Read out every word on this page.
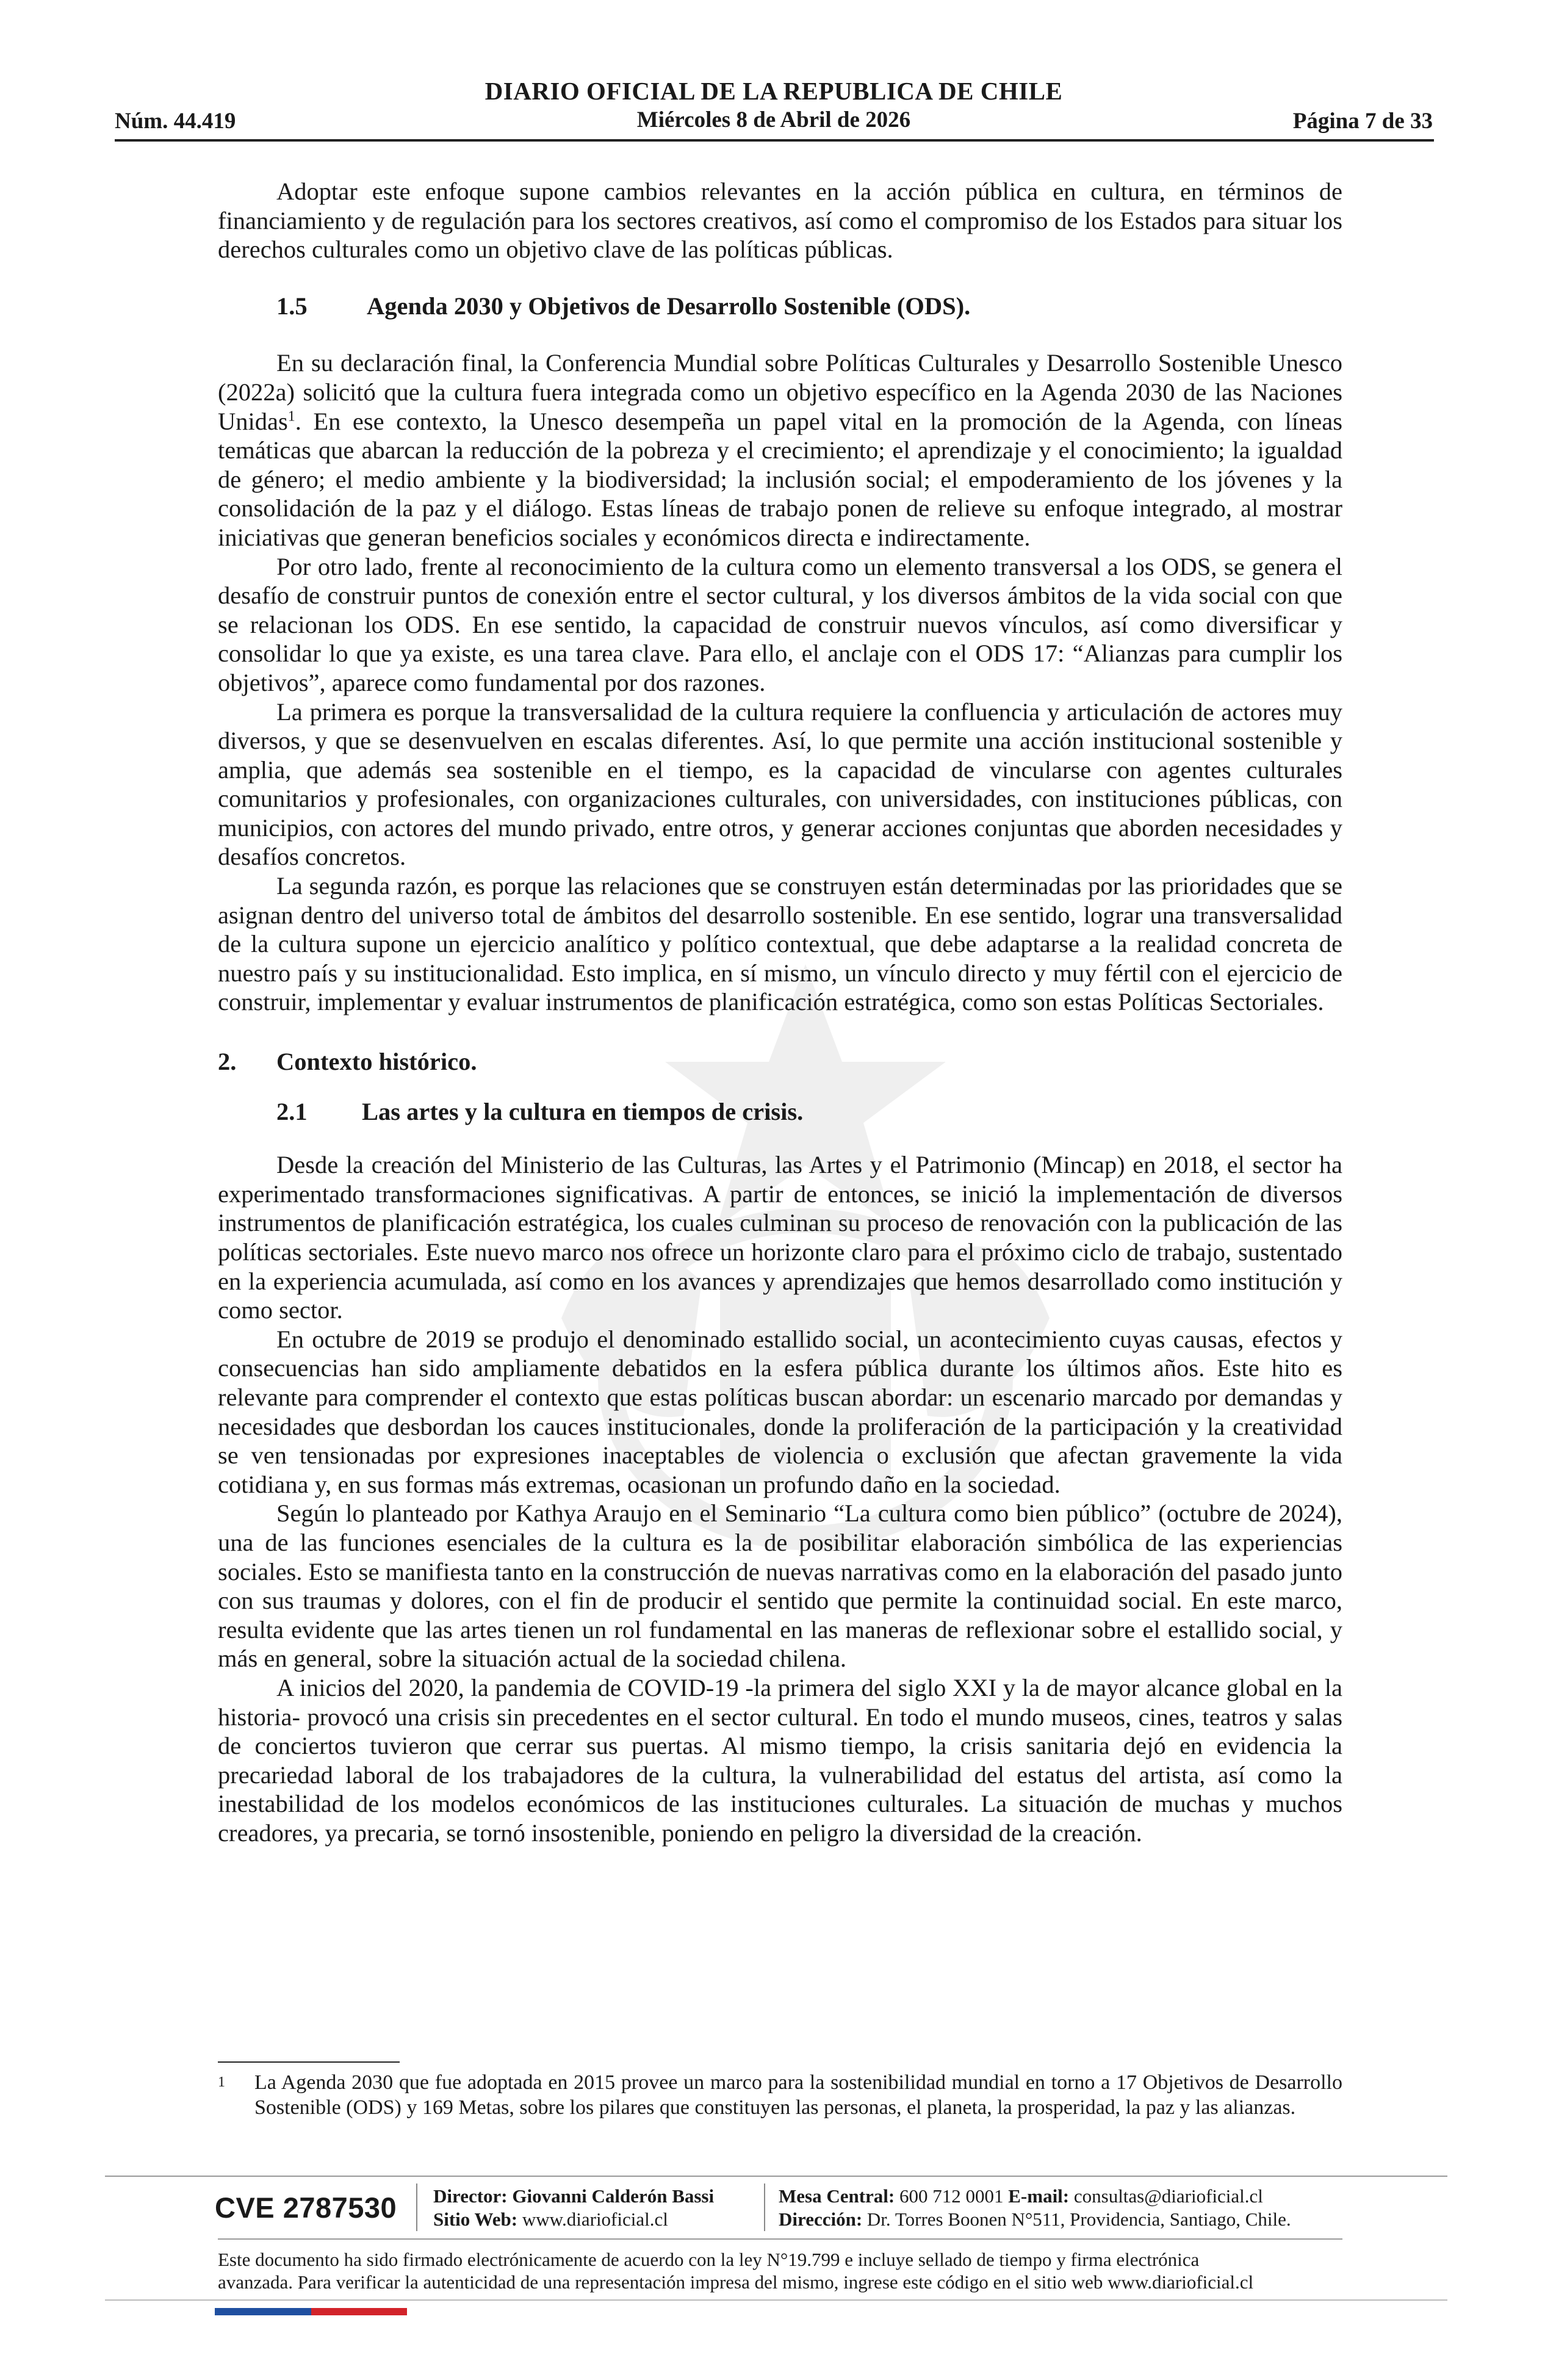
DIARIO OFICIAL DE LA REPUBLICA DE CHILE
Núm. 44.419	Miércoles 8 de Abril de 2026	Página 7 de 33

Adoptar este enfoque supone cambios relevantes en la acción pública en cultura, en términos de financiamiento y de regulación para los sectores creativos, así como el compromiso de los Estados para situar los derechos culturales como un objetivo clave de las políticas públicas.

1.5	Agenda 2030 y Objetivos de Desarrollo Sostenible (ODS).

En su declaración final, la Conferencia Mundial sobre Políticas Culturales y Desarrollo Sostenible Unesco (2022a) solicitó que la cultura fuera integrada como un objetivo específico en la Agenda 2030 de las Naciones Unidas$^1$. En ese contexto, la Unesco desempeña un papel vital en la promoción de la Agenda, con líneas temáticas que abarcan la reducción de la pobreza y el crecimiento; el aprendizaje y el conocimiento; la igualdad de género; el medio ambiente y la biodiversidad; la inclusión social; el empoderamiento de los jóvenes y la consolidación de la paz y el diálogo. Estas líneas de trabajo ponen de relieve su enfoque integrado, al mostrar iniciativas que generan beneficios sociales y económicos directa e indirectamente.

Por otro lado, frente al reconocimiento de la cultura como un elemento transversal a los ODS, se genera el desafío de construir puntos de conexión entre el sector cultural, y los diversos ámbitos de la vida social con que se relacionan los ODS. En ese sentido, la capacidad de construir nuevos vínculos, así como diversificar y consolidar lo que ya existe, es una tarea clave. Para ello, el anclaje con el ODS 17: “Alianzas para cumplir los objetivos”, aparece como fundamental por dos razones.

La primera es porque la transversalidad de la cultura requiere la confluencia y articulación de actores muy diversos, y que se desenvuelven en escalas diferentes. Así, lo que permite una acción institucional sostenible y amplia, que además sea sostenible en el tiempo, es la capacidad de vincularse con agentes culturales comunitarios y profesionales, con organizaciones culturales, con universidades, con instituciones públicas, con municipios, con actores del mundo privado, entre otros, y generar acciones conjuntas que aborden necesidades y desafíos concretos.

La segunda razón, es porque las relaciones que se construyen están determinadas por las prioridades que se asignan dentro del universo total de ámbitos del desarrollo sostenible. En ese sentido, lograr una transversalidad de la cultura supone un ejercicio analítico y político contextual, que debe adaptarse a la realidad concreta de nuestro país y su institucionalidad. Esto implica, en sí mismo, un vínculo directo y muy fértil con el ejercicio de construir, implementar y evaluar instrumentos de planificación estratégica, como son estas Políticas Sectoriales.

2.	Contexto histórico.
2.1	Las artes y la cultura en tiempos de crisis.

Desde la creación del Ministerio de las Culturas, las Artes y el Patrimonio (Mincap) en 2018, el sector ha experimentado transformaciones significativas. A partir de entonces, se inició la implementación de diversos instrumentos de planificación estratégica, los cuales culminan su proceso de renovación con la publicación de las políticas sectoriales. Este nuevo marco nos ofrece un horizonte claro para el próximo ciclo de trabajo, sustentado en la experiencia acumulada, así como en los avances y aprendizajes que hemos desarrollado como institución y como sector.

En octubre de 2019 se produjo el denominado estallido social, un acontecimiento cuyas causas, efectos y consecuencias han sido ampliamente debatidos en la esfera pública durante los últimos años. Este hito es relevante para comprender el contexto que estas políticas buscan abordar: un escenario marcado por demandas y necesidades que desbordan los cauces institucionales, donde la proliferación de la participación y la creatividad se ven tensionadas por expresiones inaceptables de violencia o exclusión que afectan gravemente la vida cotidiana y, en sus formas más extremas, ocasionan un profundo daño en la sociedad.

Según lo planteado por Kathya Araujo en el Seminario “La cultura como bien público” (octubre de 2024), una de las funciones esenciales de la cultura es la de posibilitar elaboración simbólica de las experiencias sociales. Esto se manifiesta tanto en la construcción de nuevas narrativas como en la elaboración del pasado junto con sus traumas y dolores, con el fin de producir el sentido que permite la continuidad social. En este marco, resulta evidente que las artes tienen un rol fundamental en las maneras de reflexionar sobre el estallido social, y más en general, sobre la situación actual de la sociedad chilena.

A inicios del 2020, la pandemia de COVID-19 -la primera del siglo XXI y la de mayor alcance global en la historia- provocó una crisis sin precedentes en el sector cultural. En todo el mundo museos, cines, teatros y salas de conciertos tuvieron que cerrar sus puertas. Al mismo tiempo, la crisis sanitaria dejó en evidencia la precariedad laboral de los trabajadores de la cultura, la vulnerabilidad del estatus del artista, así como la inestabilidad de los modelos económicos de las instituciones culturales. La situación de muchas y muchos creadores, ya precaria, se tornó insostenible, poniendo en peligro la diversidad de la creación.

1 La Agenda 2030 que fue adoptada en 2015 provee un marco para la sostenibilidad mundial en torno a 17 Objetivos de Desarrollo Sostenible (ODS) y 169 Metas, sobre los pilares que constituyen las personas, el planeta, la prosperidad, la paz y las alianzas.
CVE 2787530 Director: Giovanni Calderón Bassi
Sitio Web: www.diarioficial.cl
Mesa Central: 600 712 0001 E-mail: consultas@diarioficial.cl
Dirección: Dr. Torres Boonen N°511, Providencia, Santiago, Chile.
Este documento ha sido firmado electrónicamente de acuerdo con la ley N°19.799 e incluye sellado de tiempo y firma electrónica
avanzada. Para verificar la autenticidad de una representación impresa del mismo, ingrese este código en el sitio web www.diarioficial.cl
